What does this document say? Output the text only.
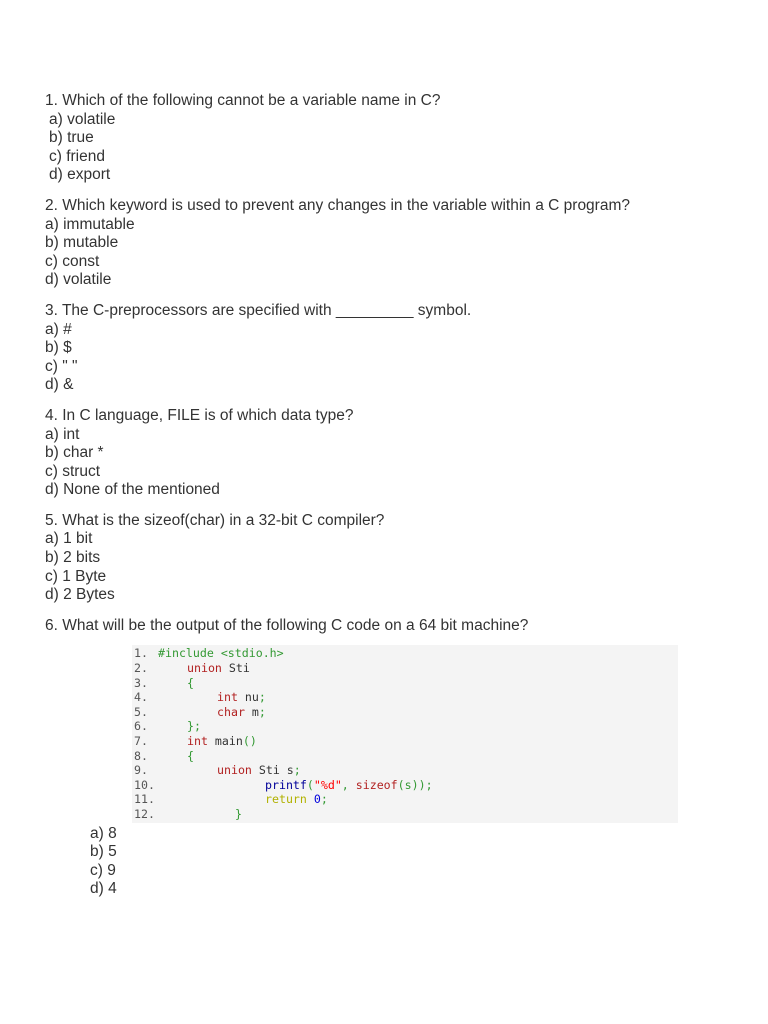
1. Which of the following cannot be a variable name in C?
a) volatile
b) true
c) friend
d) export
2. Which keyword is used to prevent any changes in the variable within a C program?
a) immutable
b) mutable
c) const
d) volatile
3. The C-preprocessors are specified with _________ symbol.
a) #
b) $
c) " "
d) &
4. In C language, FILE is of which data type?
a) int
b) char *
c) struct
d) None of the mentioned
5. What is the sizeof(char) in a 32-bit C compiler?
a) 1 bit
b) 2 bits
c) 1 Byte
d) 2 Bytes
6. What will be the output of the following C code on a 64 bit machine?
1. #include <stdio.h>
2.	union Sti
3.	{
4.	int nu ;
5.	char m ;
6.	};
7.	int main ()
8.	{
9.	union Sti s ;
10.	printf ( "%d" , sizeof (s));
11.	return 0 ;
12.	}
a) 8
b) 5
c) 9
d) 4
